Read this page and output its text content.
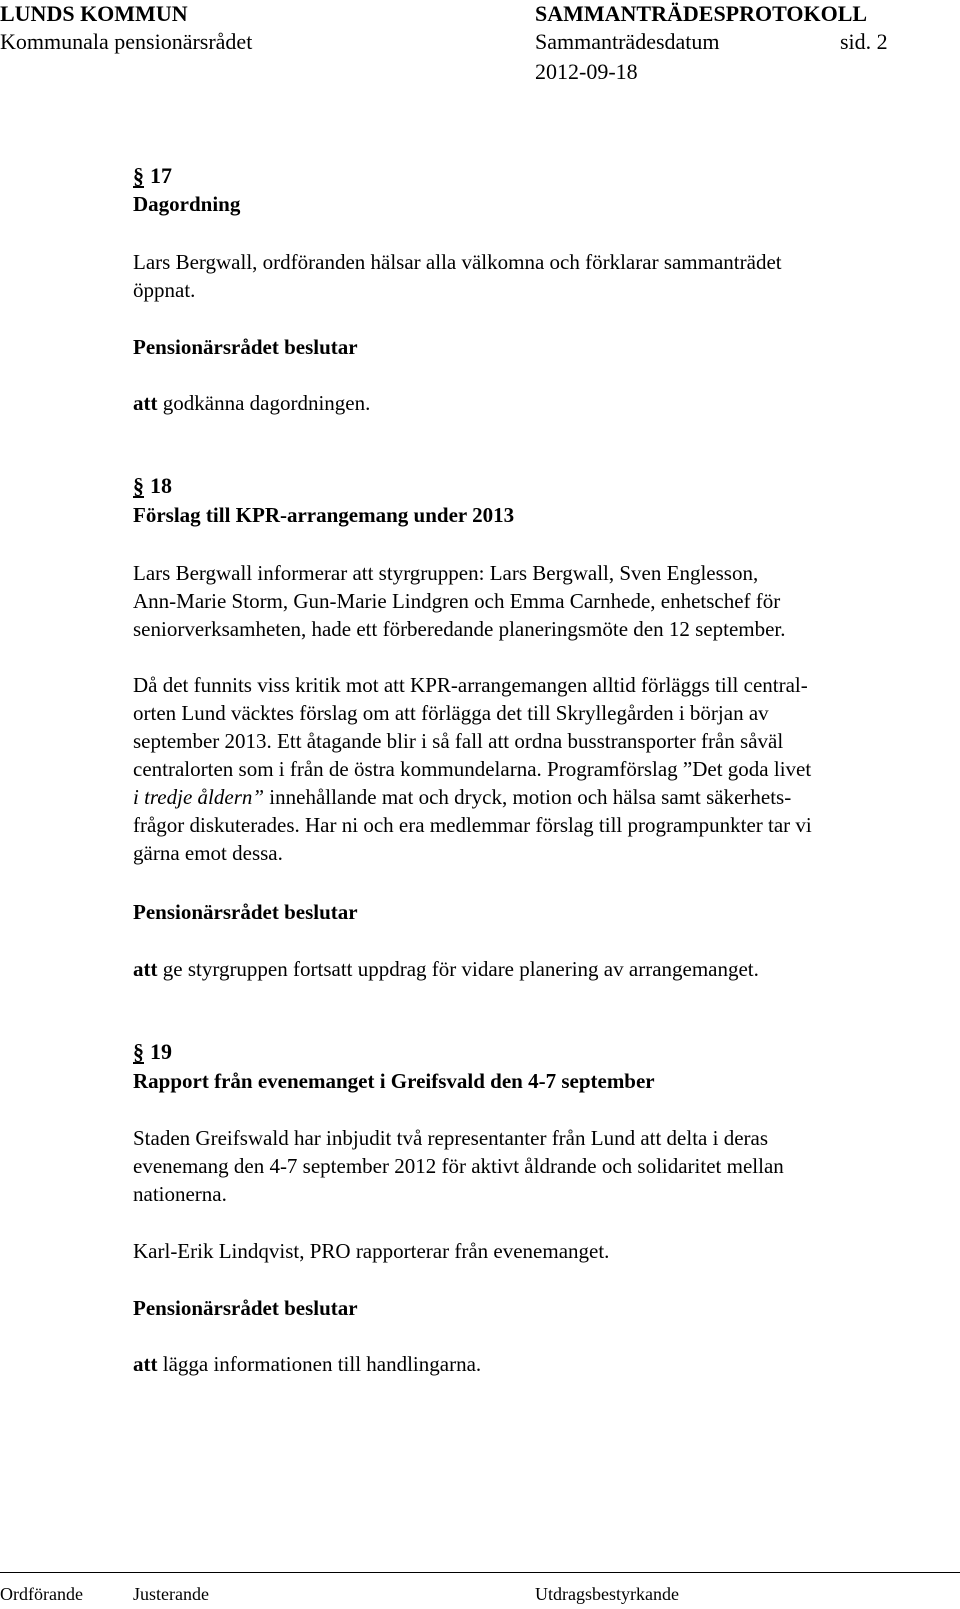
LUNDS KOMMUN	SAMMANTRÄDESPROTOKOLL
Kommunala pensionärsrådet	Sammanträdesdatum	sid. 2
2012-09-18
§ 17
Dagordning
Lars Bergwall, ordföranden hälsar alla välkomna och förklarar sammanträdet
öppnat.
Pensionärsrådet beslutar
att godkänna dagordningen.
§ 18
Förslag till KPR-arrangemang under 2013
Lars Bergwall informerar att styrgruppen: Lars Bergwall, Sven Englesson,
Ann-Marie Storm, Gun-Marie Lindgren och Emma Carnhede, enhetschef för
seniorverksamheten, hade ett förberedande planeringsmöte den 12 september.
Då det funnits viss kritik mot att KPR-arrangemangen alltid förläggs till central-
orten Lund väcktes förslag om att förlägga det till Skryllegården i början av
september 2013. Ett åtagande blir i så fall att ordna busstransporter från såväl
centralorten som i från de östra kommundelarna. Programförslag ”Det goda livet
i tredje åldern” innehållande mat och dryck, motion och hälsa samt säkerhets-
frågor diskuterades. Har ni och era medlemmar förslag till programpunkter tar vi
gärna emot dessa.
Pensionärsrådet beslutar
att ge styrgruppen fortsatt uppdrag för vidare planering av arrangemanget.
§ 19
Rapport från evenemanget i Greifsvald den 4-7 september
Staden Greifswald har inbjudit två representanter från Lund att delta i deras
evenemang den 4-7 september 2012 för aktivt åldrande och solidaritet mellan
nationerna.
Karl-Erik Lindqvist, PRO rapporterar från evenemanget.
Pensionärsrådet beslutar
att lägga informationen till handlingarna.
Ordförande	Justerande	Utdragsbestyrkande
